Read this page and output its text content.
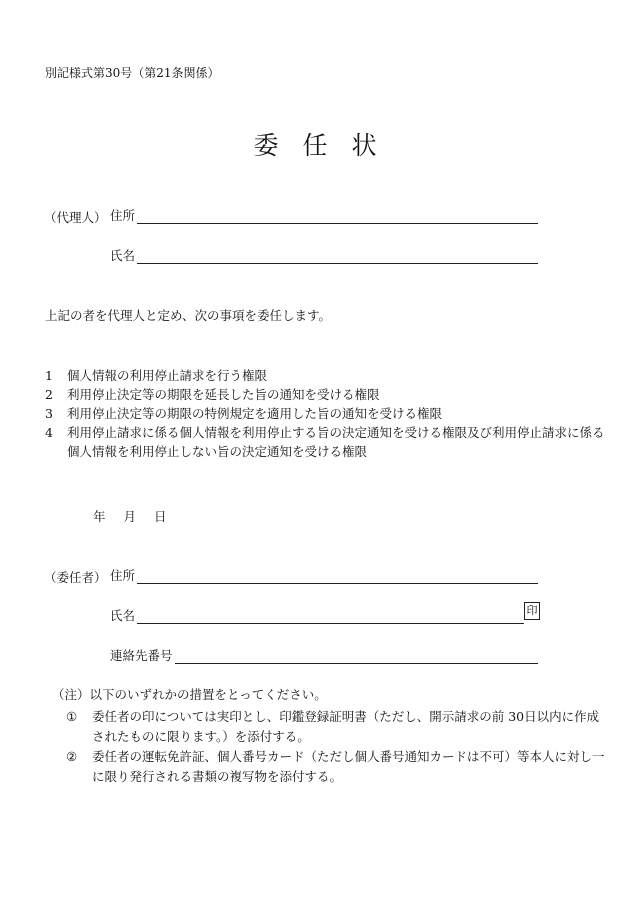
別記様式第30号（第21条関係）
委任状
（代理人） 住所
氏名
上記の者を代理人と定め、次の事項を委任します。
1	個人情報の利用停止請求を行う権限
2	利用停止決定等の期限を延長した旨の通知を受ける権限
3	利用停止決定等の期限の特例規定を適用した旨の通知を受ける権限
4	利用停止請求に係る個人情報を利用停止する旨の決定通知を受ける権限及び利用停止請求に係る個人情報を利用停止しない旨の決定通知を受ける権限
年 月 日
（委任者） 住所
氏名	印
連絡先番号
（注）以下のいずれかの措置をとってください。
①	委任者の印については実印とし、印鑑登録証明書（ただし、開示請求の前 30日以内に作成されたものに限ります。）を添付する。
②	委任者の運転免許証、個人番号カード（ただし個人番号通知カードは不可）等本人に対し一に限り発行される書類の複写物を添付する。
